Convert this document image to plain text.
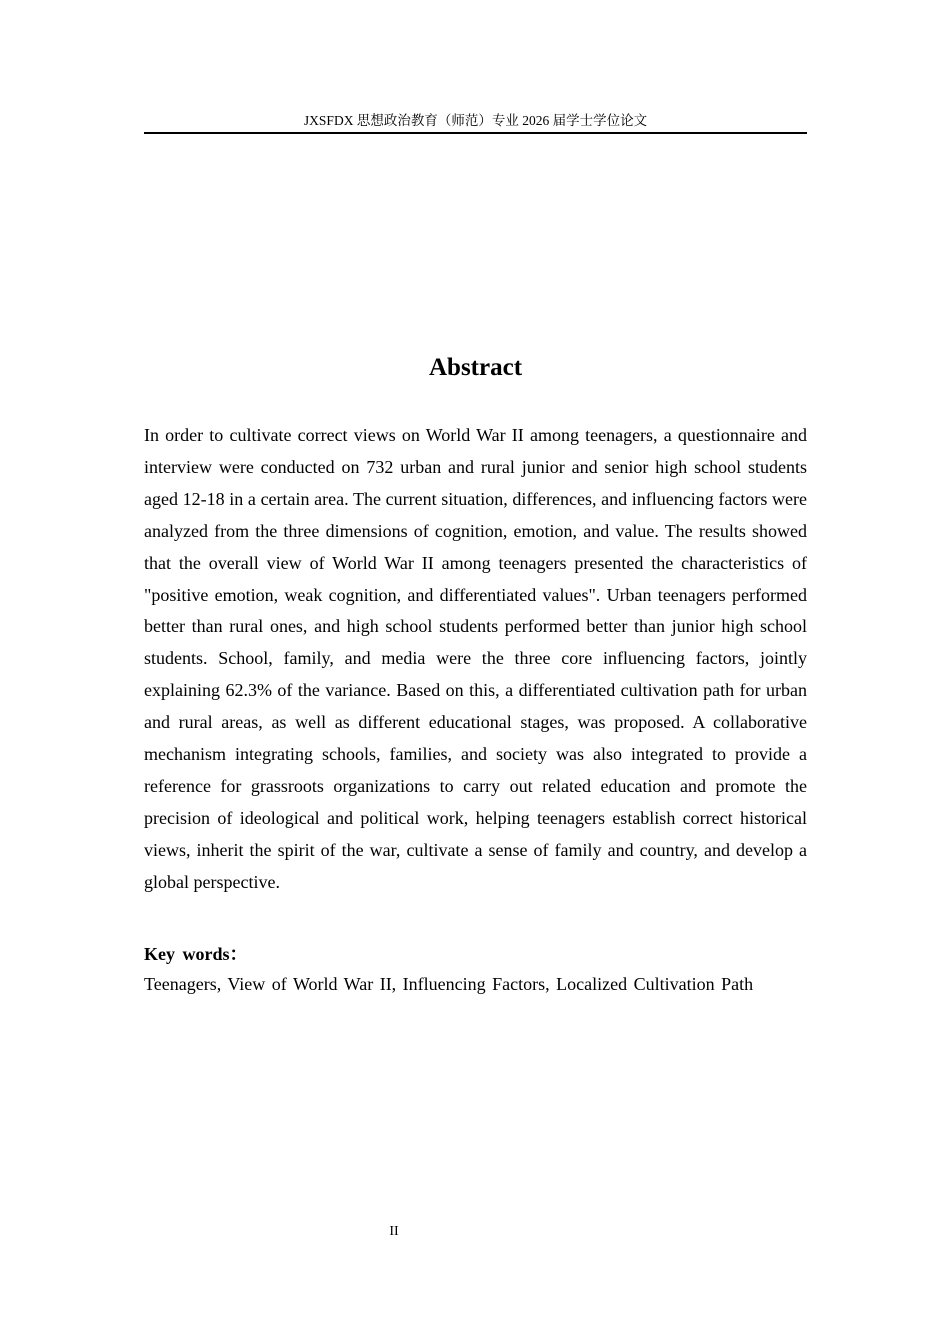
JXSFDX 思想政治教育（师范）专业 2026 届学士学位论文
Abstract

In order to cultivate correct views on World War II among teenagers, a questionnaire and interview were conducted on 732 urban and rural junior and senior high school students aged 12-18 in a certain area. The current situation, differences, and influencing factors were analyzed from the three dimensions of cognition, emotion, and value. The results showed that the overall view of World War II among teenagers presented the characteristics of "positive emotion, weak cognition, and differentiated values". Urban teenagers performed better than rural ones, and high school students performed better than junior high school students. School, family, and media were the three core influencing factors, jointly explaining 62.3% of the variance. Based on this, a differentiated cultivation path for urban and rural areas, as well as different educational stages, was proposed. A collaborative mechanism integrating schools, families, and society was also integrated to provide a reference for grassroots organizations to carry out related education and promote the precision of ideological and political work, helping teenagers establish correct historical views, inherit the spirit of the war, cultivate a sense of family and country, and develop a global perspective.

Key words：

Teenagers, View of World War II, Influencing Factors, Localized Cultivation Path

II
